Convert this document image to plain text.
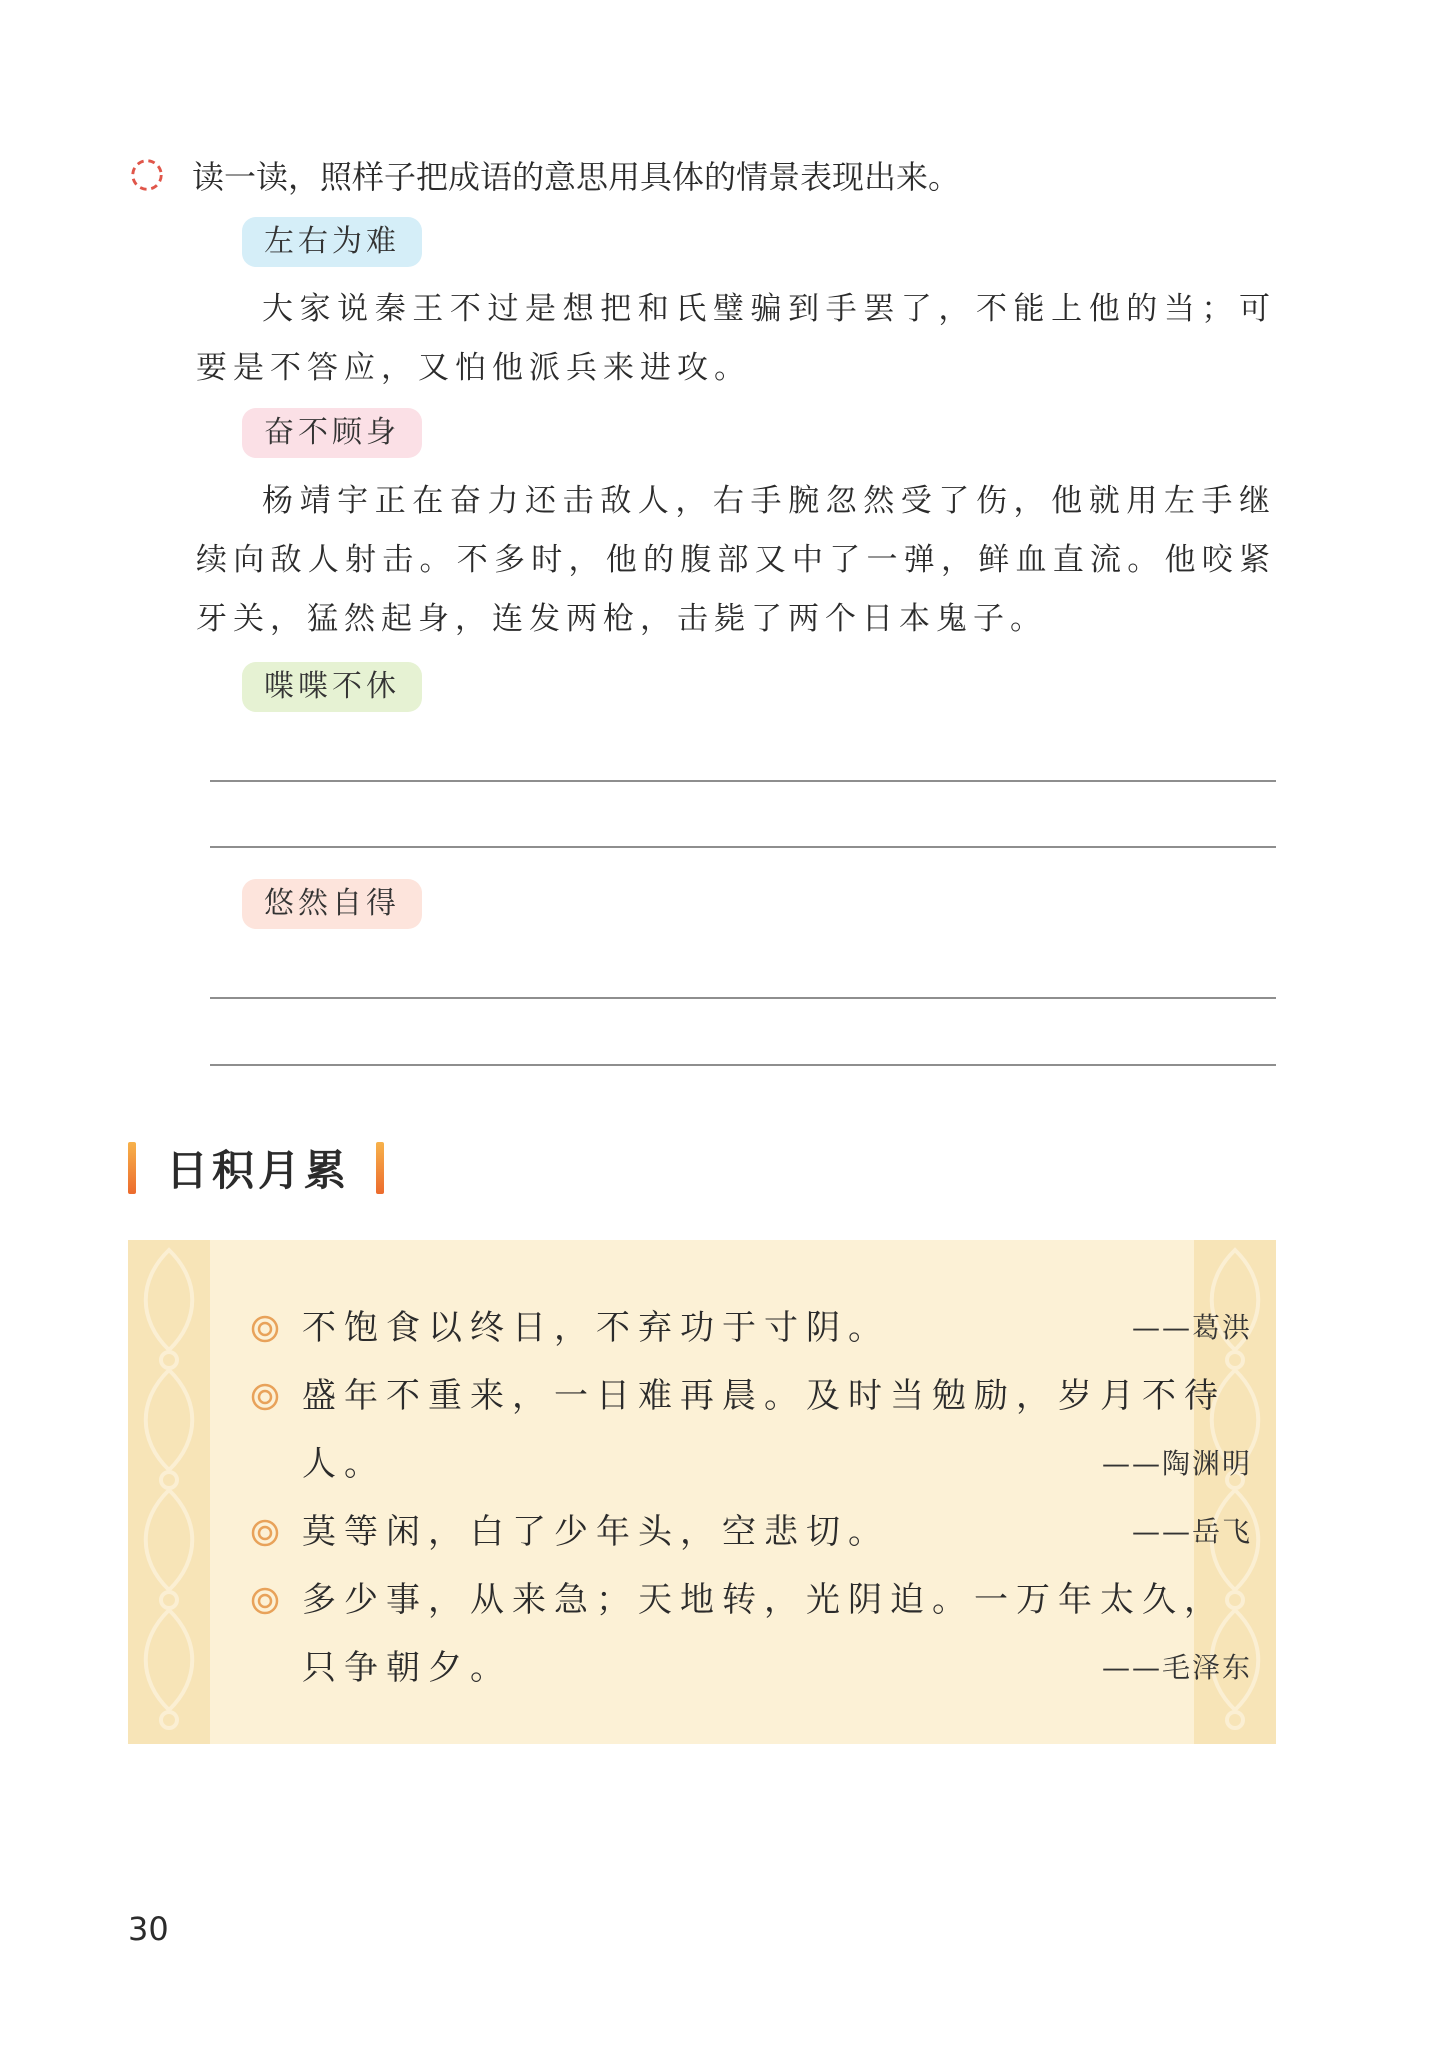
读一读，照样子把成语的意思用具体的情景表现出来。
左右为难

大家说秦王不过是想把和氏璧骗到手罢了，不能上他的当；可要是不答应，又怕他派兵来进攻。

奋不顾身

杨靖宇正在奋力还击敌人，右手腕忽然受了伤，他就用左手继续向敌人射击。不多时，他的腹部又中了一弹，鲜血直流。他咬紧牙关，猛然起身，连发两枪，击毙了两个日本鬼子。

喋喋不休
悠然自得
日积月累
不饱食以终日，不弃功于寸阴。	——葛洪
盛年不重来，一日难再晨。及时当勉励，岁月不待人。	——陶渊明
莫等闲，白了少年头，空悲切。	——岳飞
多少事，从来急；天地转，光阴迫。一万年太久，只争朝夕。	——毛泽东
30
